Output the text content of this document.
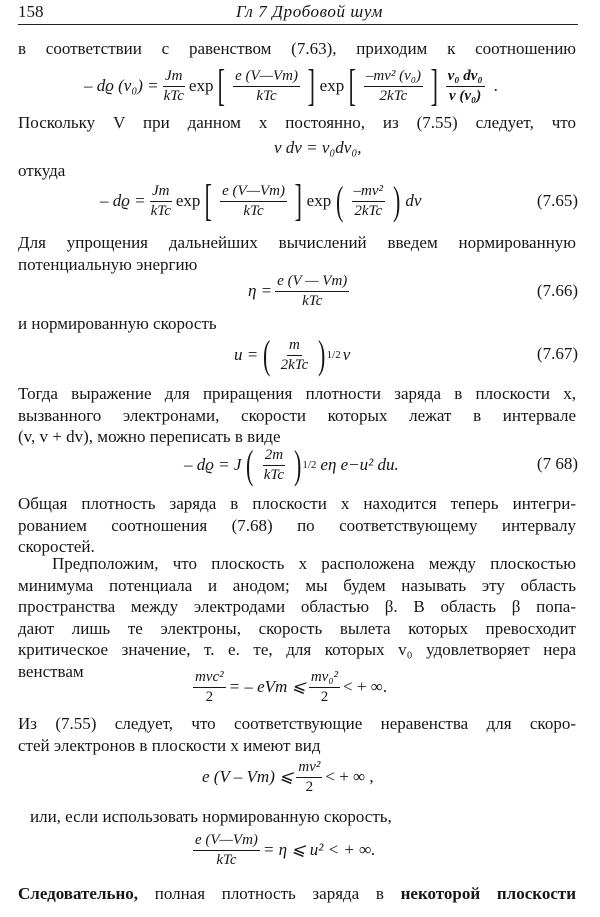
158	Гл 7 Дробовой шум
в соответствии с равенством (7.63), приходим к соотношению
– dϱ $(v_0) = \frac{Jm}{\text{kTc}}$ exp [ $\frac{e (V—Vm)}{\text{kTc}}$ ] exp [ $\frac{\text{–mv² (v₀)}}{\text{2kTc}}$ ] $\frac{\text{v₀ dv₀}}{\text{v (v₀)}}$ .
Поскольку V при данном x постоянно, из (7.55) следует, что
v dv = v₀dv₀,
откуда
– $dϱ = \frac{Jm}{\text{kTc}}$ exp [ $\frac{e (V—Vm)}{\text{kTc}}$ ] exp ( $\frac{\text{–mv²}}{\text{2kTc}}$ ) dv	(7.65)
Для упрощения дальнейших вычислений введем нормированную
потенциальную энергию
$\eta = \frac{e (V — Vm)}{\text{kTc}}$	(7.66)
и нормированную скорость
u = ( $\frac{m}{\text{2kTc}}$ ) 1/2 v	(7.67)
Тогда выражение для приращения плотности заряда в плоскости x,
вызванного электронами, скорости которых лежат в интервале
(v, v + dv), можно переписать в виде
– dϱ = J ( $\frac{2m}{\text{kTc}}$ ) 1/2 eη e−u² du.	(7 68)
Общая плотность заряда в плоскости x находится теперь интегри-
рованием соотношения (7.68) по соответствующему интервалу
скоростей.
Предположим, что плоскость x расположена между плоскостью
минимума потенциала и анодом; мы будем называть эту область
пространства между электродами областью β. В область β попа-
дают лишь те электроны, скорость вылета которых превосходит
критическое значение, т. е. те, для которых v₀ удовлетворяет нера
венствам	$\frac{\text{mvc²}}{2}$ = – eVm ⩽ $\frac{\text{mv₀²}}{2}$ < + ∞.
Из (7.55) следует, что соответствующие неравенства для скоро-
стей электронов в плоскости x имеют вид
e (V – Vm) ⩽ $\frac{\text{mv²}}{2}$ < + ∞ ,
или, если использовать нормированную скорость,
$\frac{e (V—Vm)}{\text{kTc}} = \eta$ ⩽ u² < + ∞.
Следовательно, полная плотность заряда в некоторой плоскости
